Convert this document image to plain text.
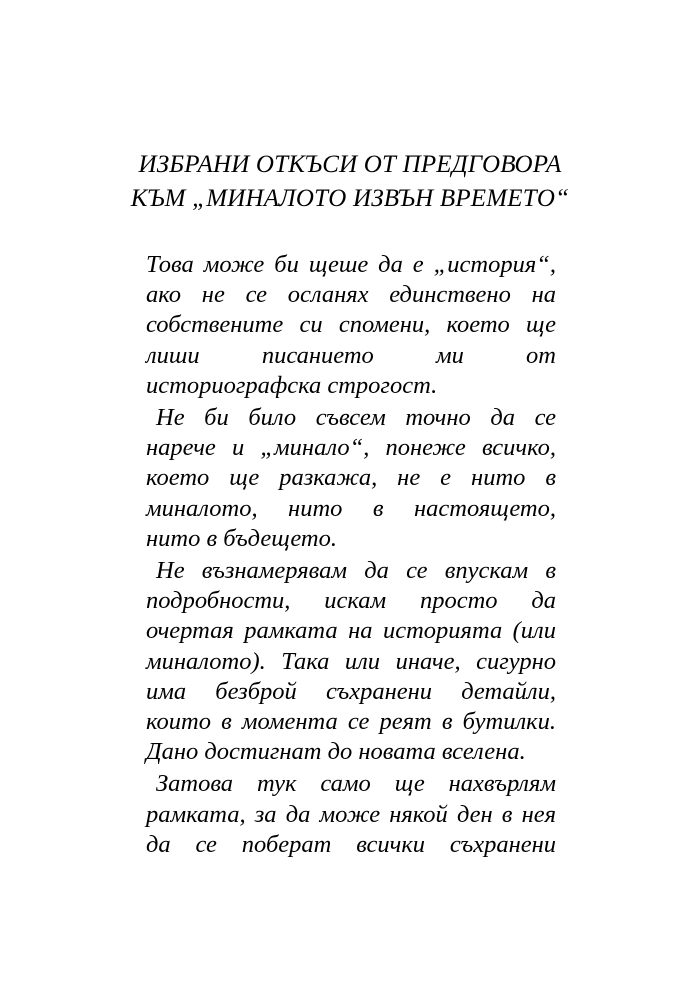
ИЗБРАНИ ОТКЪСИ ОТ ПРЕДГОВОРА
КЪМ „МИНАЛОТО ИЗВЪН ВРЕМЕТО“
Това може би щеше да е „история“,
ако не се осланях единствено на
собствените си спомени, което ще
лиши писанието ми от
историографска строгост.
Не би било съвсем точно да се
нарече и „минало“, понеже всичко,
което ще разкажа, не е нито в
миналото, нито в настоящето,
нито в бъдещето.
Не възнамерявам да се впускам в
подробности, искам просто да
очертая рамката на историята (или
миналото). Така или иначе, сигурно
има безброй съхранени детайли,
които в момента се реят в бутилки.
Дано достигнат до новата вселена.
Затова тук само ще нахвърлям
рамката, за да може някой ден в нея
да се поберат всички съхранени
